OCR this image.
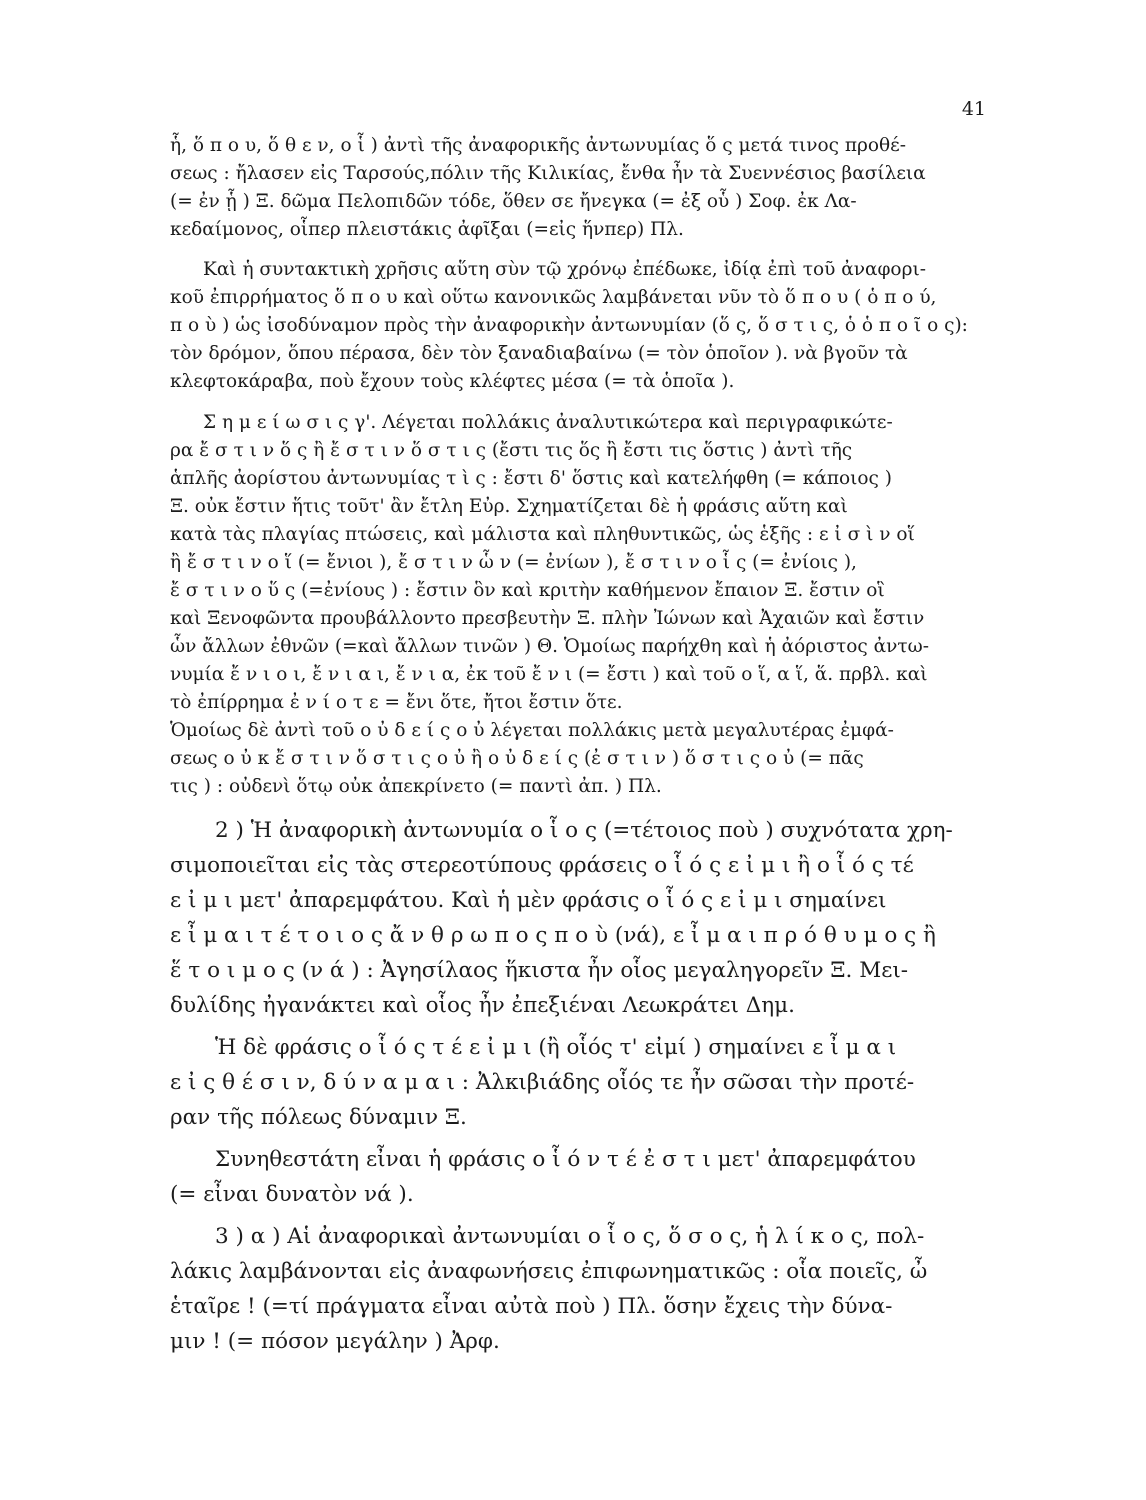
41
ἧ, ὅ π ο υ, ὅ θ ε ν, ο ἷ ) ἀντὶ τῆς ἀναφορικῆς ἀντωνυμίας ὅ ς μετά τινος προθέ-
σεως : ἤλασεν εἰς Ταρσούς,πόλιν τῆς Κιλικίας, ἔνθα ἦν τὰ Συεννέσιος βασίλεια
(= ἐν ᾗ ) Ξ. δῶμα Πελοπιδῶν τόδε, ὅθεν σε ἤνεγκα (= ἐξ οὗ ) Σοφ. ἐκ Λα-
κεδαίμονος, οἷπερ πλειστάκις ἀφῖξαι (=εἰς ἥνπερ) Πλ.
Καὶ ἡ συντακτικὴ χρῆσις αὕτη σὺν τῷ χρόνῳ ἐπέδωκε, ἰδίᾳ ἐπὶ τοῦ ἀναφορι-
κοῦ ἐπιρρήματος ὅ π ο υ καὶ οὕτω κανονικῶς λαμβάνεται νῦν τὸ ὅ π ο υ ( ὁ π ο ύ,
π ο ὺ ) ὡς ἰσοδύναμον πρὸς τὴν ἀναφορικὴν ἀντωνυμίαν (ὅ ς, ὅ σ τ ι ς, ὁ ὁ π ο ῖ ο ς):
τὸν δρόμον, ὅπου πέρασα, δὲν τὸν ξαναδιαβαίνω (= τὸν ὁποῖον ). νὰ βγοῦν τὰ
κλεφτοκάραβα, ποὺ ἔχουν τοὺς κλέφτες μέσα (= τὰ ὁποῖα ).
Σ η μ ε ί ω σ ι ς γ'. Λέγεται πολλάκις ἀναλυτικώτερα καὶ περιγραφικώτε-
ρα ἔ σ τ ι ν ὅ ς ἢ ἔ σ τ ι ν ὅ σ τ ι ς (ἔστι τις ὅς ἢ ἔστι τις ὅστις ) ἀντὶ τῆς
ἁπλῆς ἀορίστου ἀντωνυμίας τ ὶ ς : ἔστι δ' ὅστις καὶ κατελήφθη (= κάποιος )
Ξ. οὐκ ἔστιν ἥτις τοῦτ' ἂν ἔτλη Εὐρ. Σχηματίζεται δὲ ἡ φράσις αὕτη καὶ
κατὰ τὰς πλαγίας πτώσεις, καὶ μάλιστα καὶ πληθυντικῶς, ὡς ἑξῆς : ε ἰ σ ὶ ν οἵ
ἢ ἔ σ τ ι ν ο ἵ (= ἔνιοι ), ἔ σ τ ι ν ὧ ν (= ἐνίων ), ἔ σ τ ι ν ο ἷ ς (= ἐνίοις ),
ἔ σ τ ι ν ο ὕ ς (=ἐνίους ) : ἔστιν ὃν καὶ κριτὴν καθήμενον ἔπαιον Ξ. ἔστιν οἳ
καὶ Ξενοφῶντα προυβάλλοντο πρεσβευτὴν Ξ. πλὴν Ἰώνων καὶ Ἀχαιῶν καὶ ἔστιν
ὧν ἄλλων ἐθνῶν (=καὶ ἄλλων τινῶν ) Θ. Ὁμοίως παρήχθη καὶ ἡ ἀόριστος ἀντω-
νυμία ἔ ν ι ο ι, ἔ ν ι α ι, ἔ ν ι α, ἐκ τοῦ ἔ ν ι (= ἔστι ) καὶ τοῦ ο ἵ, α ἵ, ἅ. πρβλ. καὶ
τὸ ἐπίρρημα ἐ ν ί ο τ ε = ἔνι ὅτε, ἤτοι ἔστιν ὅτε.
Ὁμοίως δὲ ἀντὶ τοῦ ο ὐ δ ε ί ς ο ὐ λέγεται πολλάκις μετὰ μεγαλυτέρας ἐμφά-
σεως ο ὐ κ ἔ σ τ ι ν ὅ σ τ ι ς ο ὐ ἢ ο ὐ δ ε ί ς (ἐ σ τ ι ν ) ὅ σ τ ι ς ο ὐ (= πᾶς
τις ) : οὐδενὶ ὅτῳ οὐκ ἀπεκρίνετο (= παντὶ ἀπ. ) Πλ.
2 ) Ἡ ἀναφορικὴ ἀντωνυμία ο ἷ ο ς (=τέτοιος ποὺ ) συχνότατα χρη-
σιμοποιεῖται εἰς τὰς στερεοτύπους φράσεις ο ἷ ό ς ε ἰ μ ι ἢ ο ἷ ό ς τέ
ε ἰ μ ι μετ' ἀπαρεμφάτου. Καὶ ἡ μὲν φράσις ο ἷ ό ς ε ἰ μ ι σημαίνει
ε ἶ μ α ι τ έ τ ο ι ο ς ἄ ν θ ρ ω π ο ς π ο ὺ (νά), ε ἶ μ α ι π ρ ό θ υ μ ο ς ἢ
ἕ τ ο ι μ ο ς (ν ά ) : Ἀγησίλαος ἥκιστα ἦν οἷος μεγαληγορεῖν Ξ. Μει-
δυλίδης ἠγανάκτει καὶ οἷος ἦν ἐπεξιέναι Λεωκράτει Δημ.
Ἡ δὲ φράσις ο ἷ ό ς τ έ ε ἰ μ ι (ἢ οἷός τ' εἰμί ) σημαίνει ε ἶ μ α ι
ε ἰ ς θ έ σ ι ν, δ ύ ν α μ α ι : Ἀλκιβιάδης οἷός τε ἦν σῶσαι τὴν προτέ-
ραν τῆς πόλεως δύναμιν Ξ.
Συνηθεστάτη εἶναι ἡ φράσις ο ἷ ό ν τ έ ἐ σ τ ι μετ' ἀπαρεμφάτου
(= εἶναι δυνατὸν νά ).
3 ) α ) Αἱ ἀναφορικαὶ ἀντωνυμίαι ο ἷ ο ς, ὅ σ ο ς, ἡ λ ί κ ο ς, πολ-
λάκις λαμβάνονται εἰς ἀναφωνήσεις ἐπιφωνηματικῶς : οἷα ποιεῖς, ὦ
ἑταῖρε ! (=τί πράγματα εἶναι αὐτὰ ποὺ ) Πλ. ὅσην ἔχεις τὴν δύνα-
μιν ! (= πόσον μεγάλην ) Ἀρφ.
